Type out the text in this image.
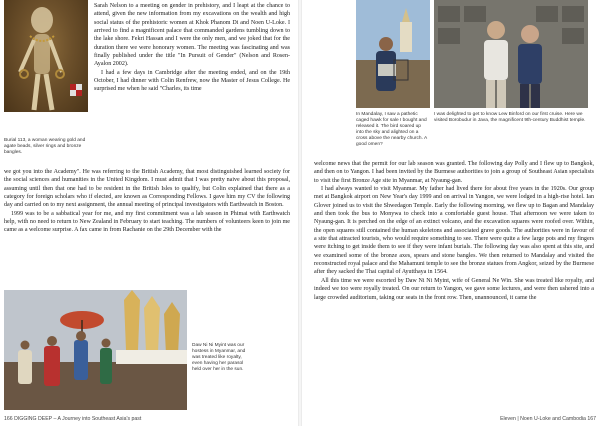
Burial 113, a woman wearing gold and agate beads, silver rings and bronze bangles.

Sarah Nelson to a meeting on gender in prehistory, and I leapt at the chance to attend, given the new information from my excavations on the wealth and high social status of the prehistoric women at Khok Phanom Di and Noen U-Loke. I arrived to find a magnificent palace that commanded gardens tumbling down to the lake shore. Fekri Hassan and I were the only men, and we joked that for the duration there we were honorary women. The meeting was fascinating and was finally published under the title "In Pursuit of Gender" (Nelson and Rosen-Ayalon 2002).

I had a few days in Cambridge after the meeting ended, and on the 19th October, I had dinner with Colin Renfrew, now the Master of Jesus College. He surprised me when he said "Charles, its time

we got you into the Academy". He was referring to the British Academy, that most distinguished learned society for the social sciences and humanities in the United Kingdom. I must admit that I was pretty naive about this proposal, assuming until then that one had to be resident in the British Isles to qualify, but Colin explained that there as a category for foreign scholars who if elected, are known as Corresponding Fellows. I gave him my CV the following day and carried on to my next assignment, the annual meeting of principal investigators with Earthwatch in Boston.

1999 was to be a sabbatical year for me, and my first commitment was a lab season in Phimai with Earthwatch help, with no need to return to New Zealand in February to start teaching. The numbers of volunteers keen to join me came as a welcome surprise. A fax came in from Rachanie on the 29th December with the

Daw Ni Ni Myint was our hostess in Myanmar, and was treated like royalty, even having her parasol held over her in the sun.
166 DIGGING DEEP – A Journey into Southeast Asia's past
In Mandalay, I saw a pathetic caged hawk for sale I bought and released it. The bird soared up into the sky and alighted on a cross above the nearby church. A good omen?
I was delighted to get to know Lew Binford on our first cruise. Here we visited Borobudur in Java, the magnificent 9th-century Buddhist temple.

welcome news that the permit for our lab season was granted. The following day Polly and I flew up to Bangkok, and then on to Yangon. I had been invited by the Burmese authorities to join a group of Southeast Asian specialists to visit the first Bronze Age site in Myanmar, at Nyaung-gan.

I had always wanted to visit Myanmar. My father had lived there for about five years in the 1920s. Our group met at Bangkok airport on New Year's day 1999 and on arrival in Yangon, we were lodged in a high-rise hotel. Ian Glover joined us to visit the Shwedagon Temple. Early the following morning, we flew up to Bagan and Mandalay and then took the bus to Monywa to check into a comfortable guest house. That afternoon we were taken to Nyaung-gan. It is perched on the edge of an extinct volcano, and the excavation squares were roofed over. Within, the open squares still contained the human skeletons and associated grave goods. The authorities were in favour of a site that attracted tourists, who would require something to see. There were quite a few large pots and my fingers were itching to get inside them to see if they were infant burials. The following day was also spent at this site, and we examined some of the bronze axes, spears and stone bangles. We then returned to Mandalay and visited the reconstructed royal palace and the Mahamuni temple to see the bronze statues from Angkor, seized by the Burmese after they sacked the Thai capital of Ayutthaya in 1564.

All this time we were escorted by Daw Ni Ni Myint, wife of General Ne Win. She was treated like royalty, and indeed we too were royally treated. On our return to Yangon, we gave some lectures, and were then ushered into a large crowded auditorium, taking our seats in the front row. Then, unannounced, it came the

Eleven | Noen U-Loke and Cambodia 167
